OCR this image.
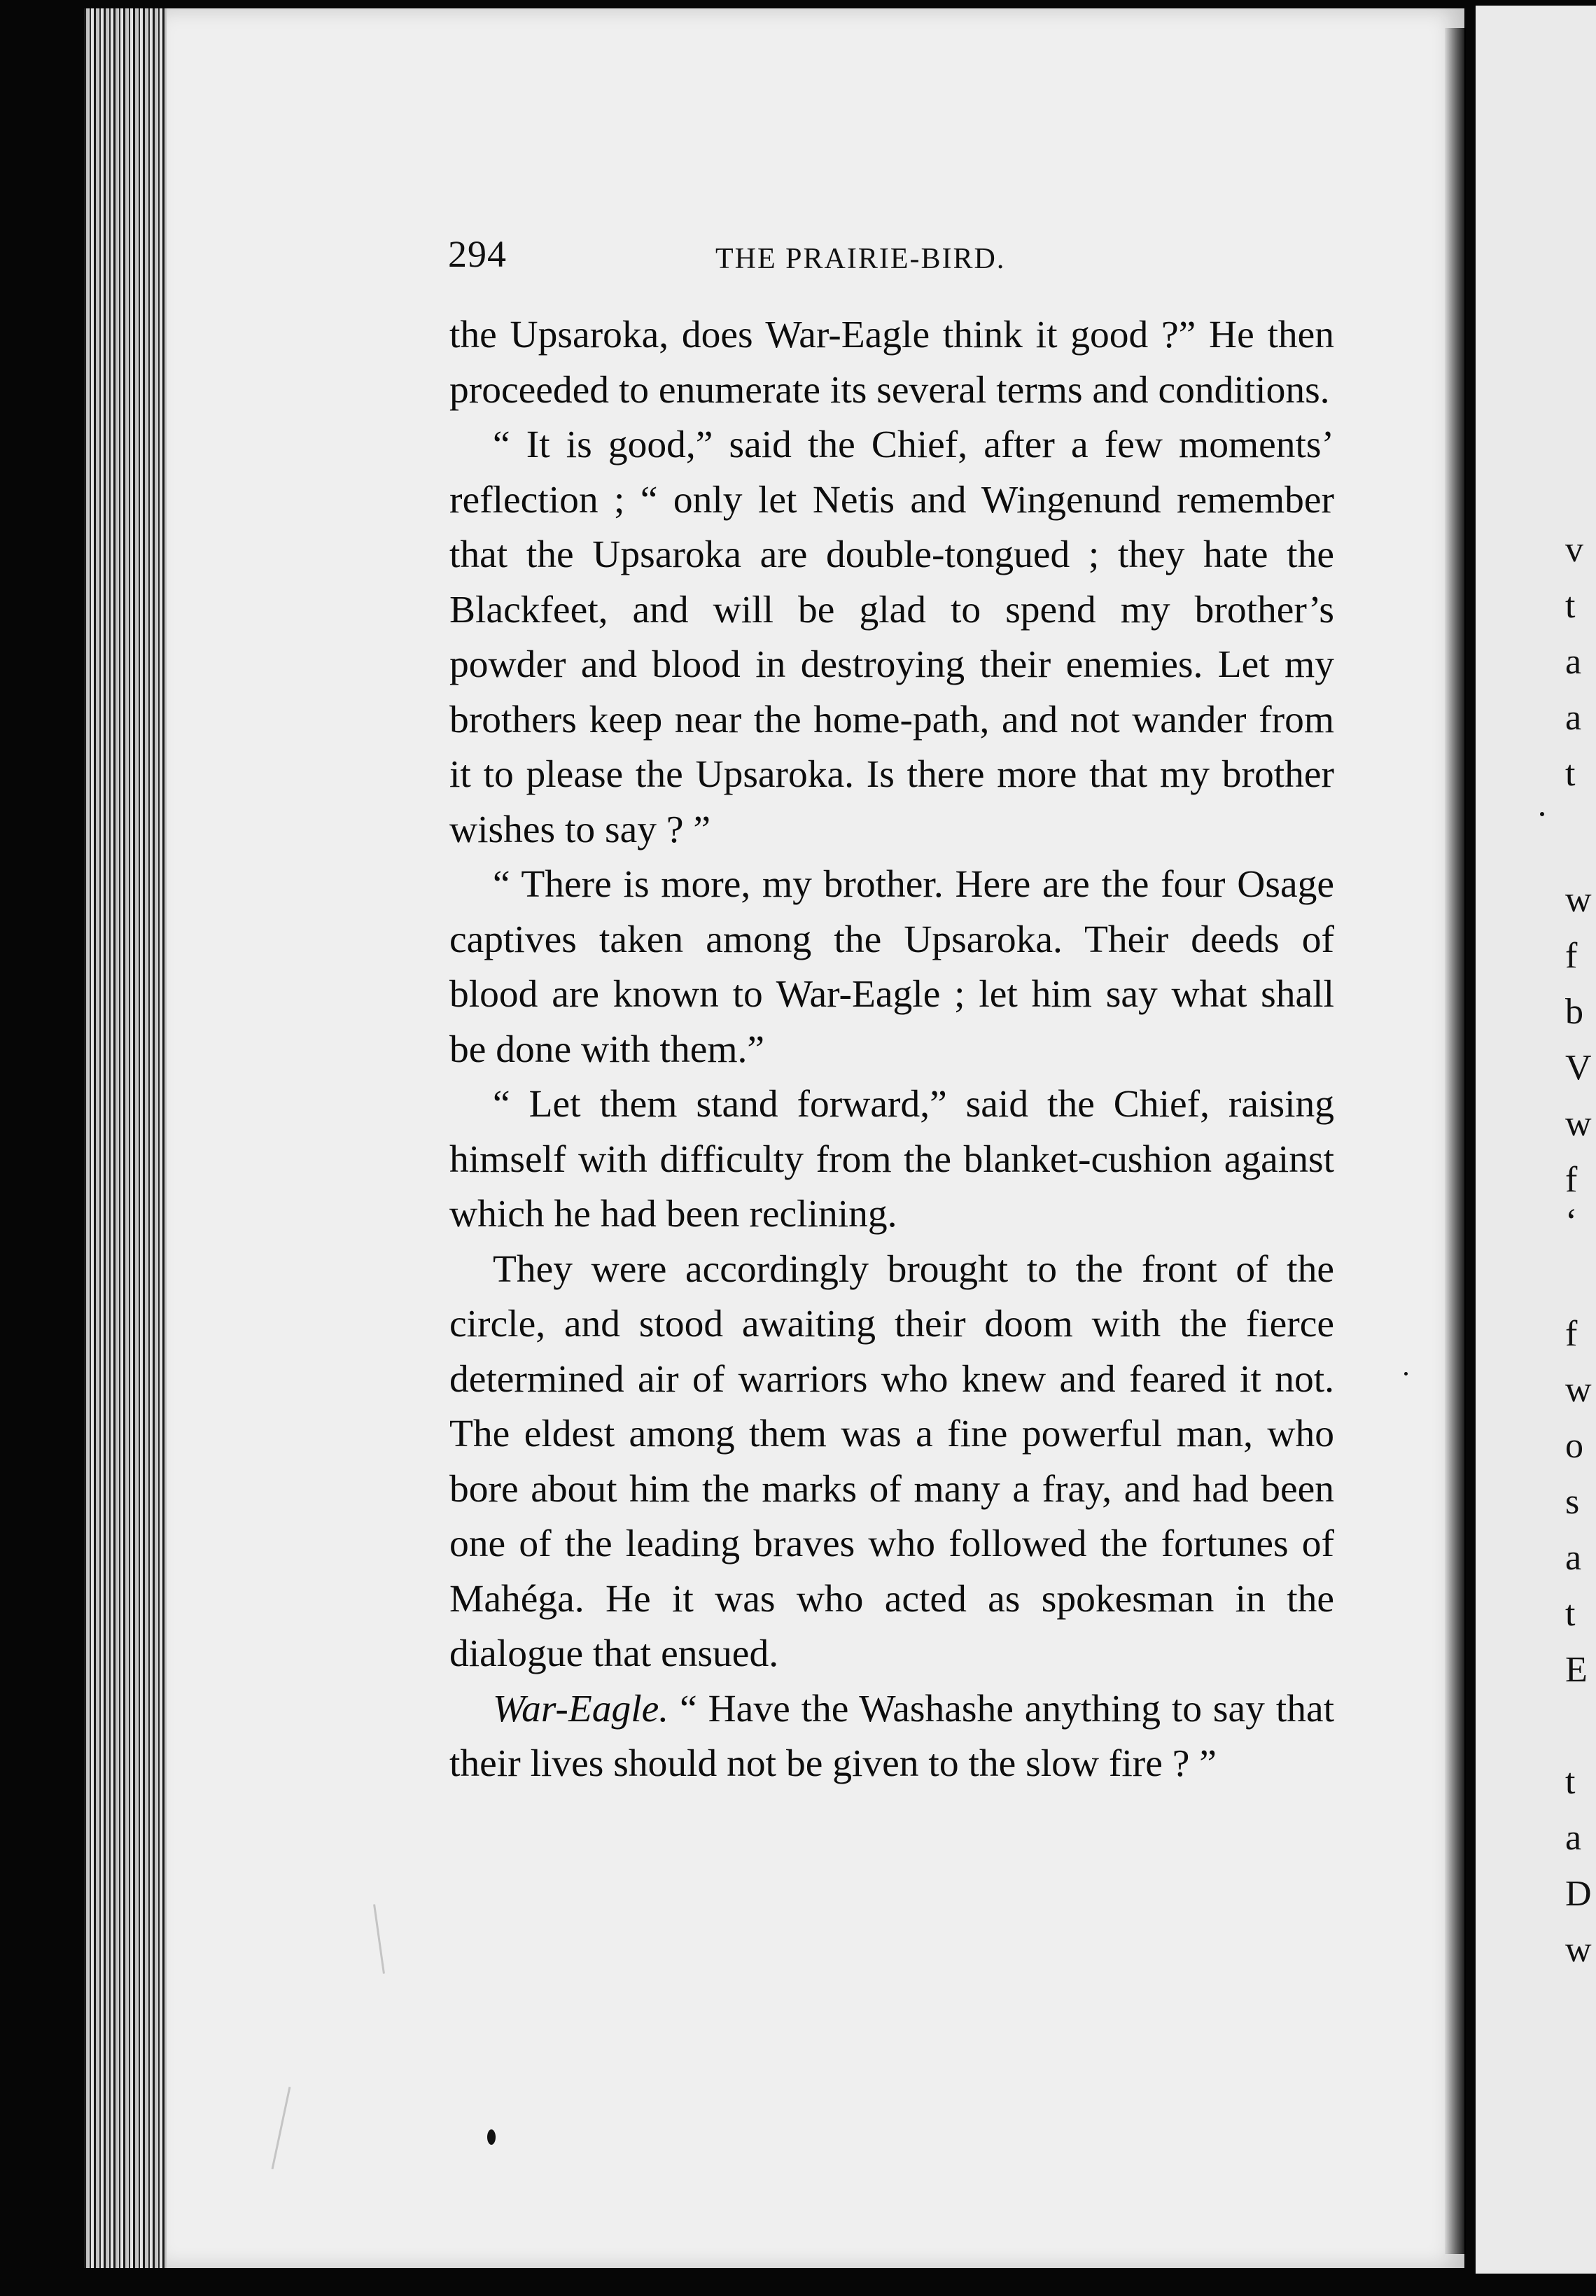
v
t
a
a
t
w
f
b
V
w
f
‘
f
w
o
s
a
t
E
t
a
D
w
294	THE PRAIRIE-BIRD.

the Upsaroka, does War-Eagle think it good ?” He then proceeded to enumerate its several terms and conditions.

“ It is good,” said the Chief, after a few moments’ reflection ; “ only let Netis and Wingenund remember that the Upsaroka are double-tongued ; they hate the Blackfeet, and will be glad to spend my brother’s powder and blood in destroying their enemies. Let my brothers keep near the home-path, and not wander from it to please the Upsaroka. Is there more that my brother wishes to say ? ”

“ There is more, my brother. Here are the four Osage captives taken among the Upsaroka. Their deeds of blood are known to War-Eagle ; let him say what shall be done with them.”

“ Let them stand forward,” said the Chief, raising himself with difficulty from the blanket-cushion against which he had been reclining.

They were accordingly brought to the front of the circle, and stood awaiting their doom with the fierce determined air of warriors who knew and feared it not. The eldest among them was a fine powerful man, who bore about him the marks of many a fray, and had been one of the leading braves who followed the fortunes of Mahéga. He it was who acted as spokesman in the dialogue that ensued.

War-Eagle. “ Have the Washashe anything to say that their lives should not be given to the slow fire ? ”
